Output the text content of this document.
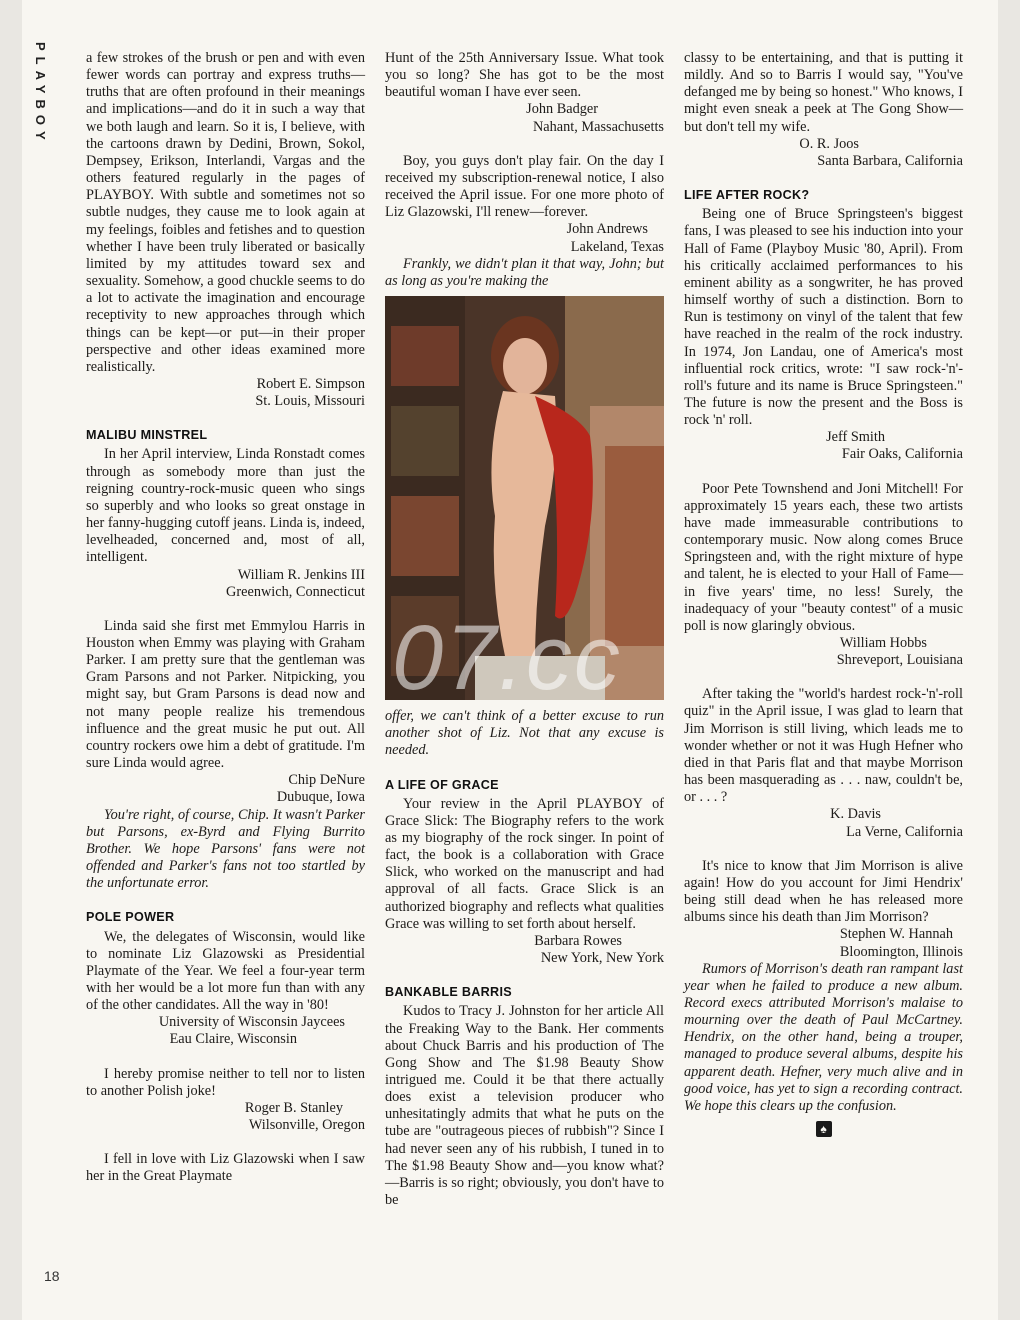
PLAYBOY
18

a few strokes of the brush or pen and with even fewer words can portray and express truths—truths that are often profound in their meanings and implications—and do it in such a way that we both laugh and learn. So it is, I believe, with the cartoons drawn by Dedini, Brown, Sokol, Dempsey, Erikson, Interlandi, Vargas and the others featured regularly in the pages of PLAYBOY. With subtle and sometimes not so subtle nudges, they cause me to look again at my feelings, foibles and fetishes and to question whether I have been truly liberated or basically limited by my attitudes toward sex and sexuality. Somehow, a good chuckle seems to do a lot to activate the imagination and encourage receptivity to new approaches through which things can be kept—or put—in their proper perspective and other ideas examined more realistically.

Robert E. Simpson
St. Louis, Missouri
MALIBU MINSTREL

In her April interview, Linda Ronstadt comes through as somebody more than just the reigning country-rock-music queen who sings so superbly and who looks so great onstage in her fanny-hugging cutoff jeans. Linda is, indeed, levelheaded, concerned and, most of all, intelligent.

William R. Jenkins III
Greenwich, Connecticut

Linda said she first met Emmylou Harris in Houston when Emmy was playing with Graham Parker. I am pretty sure that the gentleman was Gram Parsons and not Parker. Nitpicking, you might say, but Gram Parsons is dead now and not many people realize his tremendous influence and the great music he put out. All country rockers owe him a debt of gratitude. I'm sure Linda would agree.

Chip DeNure
Dubuque, Iowa

You're right, of course, Chip. It wasn't Parker but Parsons, ex-Byrd and Flying Burrito Brother. We hope Parsons' fans were not offended and Parker's fans not too startled by the unfortunate error.

POLE POWER

We, the delegates of Wisconsin, would like to nominate Liz Glazowski as Presidential Playmate of the Year. We feel a four-year term with her would be a lot more fun than with any of the other candidates. All the way in '80!

University of Wisconsin Jaycees
Eau Claire, Wisconsin

I hereby promise neither to tell nor to listen to another Polish joke!

Roger B. Stanley
Wilsonville, Oregon

I fell in love with Liz Glazowski when I saw her in the Great Playmate

Hunt of the 25th Anniversary Issue. What took you so long? She has got to be the most beautiful woman I have ever seen.

John Badger
Nahant, Massachusetts

Boy, you guys don't play fair. On the day I received my subscription-renewal notice, I also received the April issue. For one more photo of Liz Glazowski, I'll renew—forever.

John Andrews
Lakeland, Texas

Frankly, we didn't plan it that way, John; but as long as you're making the

offer, we can't think of a better excuse to run another shot of Liz. Not that any excuse is needed.

A LIFE OF GRACE

Your review in the April PLAYBOY of Grace Slick: The Biography refers to the work as my biography of the rock singer. In point of fact, the book is a collaboration with Grace Slick, who worked on the manuscript and had approval of all facts. Grace Slick is an authorized biography and reflects what qualities Grace was willing to set forth about herself.

Barbara Rowes
New York, New York
BANKABLE BARRIS

Kudos to Tracy J. Johnston for her article All the Freaking Way to the Bank. Her comments about Chuck Barris and his production of The Gong Show and The $1.98 Beauty Show intrigued me. Could it be that there actually does exist a television producer who unhesitatingly admits that what he puts on the tube are "outrageous pieces of rubbish"? Since I had never seen any of his rubbish, I tuned in to The $1.98 Beauty Show and—you know what?—Barris is so right; obviously, you don't have to be

07.cc

classy to be entertaining, and that is putting it mildly. And so to Barris I would say, "You've defanged me by being so honest." Who knows, I might even sneak a peek at The Gong Show—but don't tell my wife.

O. R. Joos
Santa Barbara, California
LIFE AFTER ROCK?

Being one of Bruce Springsteen's biggest fans, I was pleased to see his induction into your Hall of Fame (Playboy Music '80, April). From his critically acclaimed performances to his eminent ability as a songwriter, he has proved himself worthy of such a distinction. Born to Run is testimony on vinyl of the talent that few have reached in the realm of the rock industry. In 1974, Jon Landau, one of America's most influential rock critics, wrote: "I saw rock-'n'-roll's future and its name is Bruce Springsteen." The future is now the present and the Boss is rock 'n' roll.

Jeff Smith
Fair Oaks, California

Poor Pete Townshend and Joni Mitchell! For approximately 15 years each, these two artists have made immeasurable contributions to contemporary music. Now along comes Bruce Springsteen and, with the right mixture of hype and talent, he is elected to your Hall of Fame—in five years' time, no less! Surely, the inadequacy of your "beauty contest" of a music poll is now glaringly obvious.

William Hobbs
Shreveport, Louisiana

After taking the "world's hardest rock-'n'-roll quiz" in the April issue, I was glad to learn that Jim Morrison is still living, which leads me to wonder whether or not it was Hugh Hefner who died in that Paris flat and that maybe Morrison has been masquerading as . . . naw, couldn't be, or . . . ?

K. Davis
La Verne, California

It's nice to know that Jim Morrison is alive again! How do you account for Jimi Hendrix' being still dead when he has released more albums since his death than Jim Morrison?

Stephen W. Hannah
Bloomington, Illinois

Rumors of Morrison's death ran rampant last year when he failed to produce a new album. Record execs attributed Morrison's malaise to mourning over the death of Paul McCartney. Hendrix, on the other hand, being a trouper, managed to produce several albums, despite his apparent death. Hefner, very much alive and in good voice, has yet to sign a recording contract. We hope this clears up the confusion.

♠
